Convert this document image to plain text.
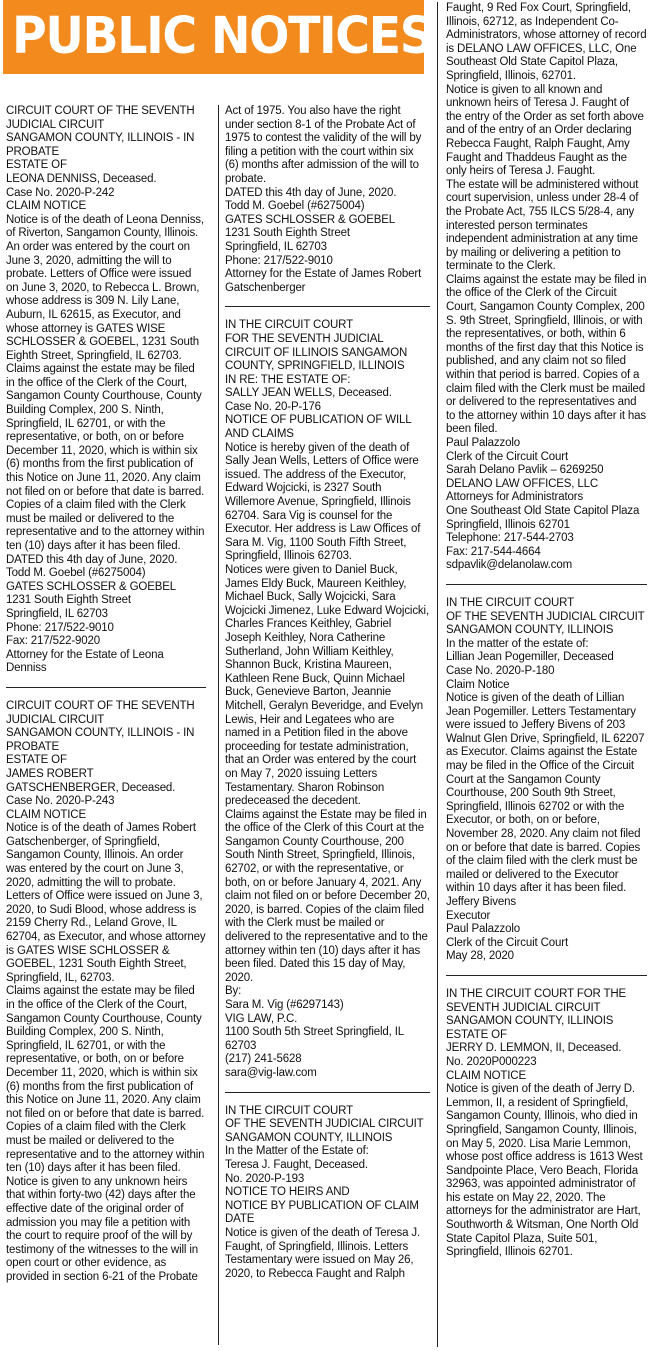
PUBLIC NOTICES

CIRCUIT COURT OF THE SEVENTH JUDICIAL CIRCUIT
SANGAMON COUNTY, ILLINOIS - IN PROBATE
ESTATE OF
LEONA DENNISS, Deceased.
Case No. 2020-P-242
CLAIM NOTICE
Notice is of the death of Leona Denniss, of Riverton, Sangamon County, Illinois. An order was entered by the court on June 3, 2020, admitting the will to probate. Letters of Office were issued on June 3, 2020, to Rebecca L. Brown, whose address is 309 N. Lily Lane, Auburn, IL 62615, as Executor, and whose attorney is GATES WISE SCHLOSSER & GOEBEL, 1231 South Eighth Street, Springfield, IL 62703.
Claims against the estate may be filed in the office of the Clerk of the Court, Sangamon County Courthouse, County Building Complex, 200 S. Ninth, Springfield, IL 62701, or with the representative, or both, on or before December 11, 2020, which is within six (6) months from the first publication of this Notice on June 11, 2020. Any claim not filed on or before that date is barred. Copies of a claim filed with the Clerk must be mailed or delivered to the representative and to the attorney within ten (10) days after it has been filed.
DATED this 4th day of June, 2020.
Todd M. Goebel (#6275004)
GATES SCHLOSSER & GOEBEL
1231 South Eighth Street
Springfield, IL 62703
Phone: 217/522-9010
Fax: 217/522-9020
Attorney for the Estate of Leona Denniss

CIRCUIT COURT OF THE SEVENTH JUDICIAL CIRCUIT
SANGAMON COUNTY, ILLINOIS - IN PROBATE
ESTATE OF
JAMES ROBERT GATSCHENBERGER, Deceased.
Case No. 2020-P-243
CLAIM NOTICE
Notice is of the death of James Robert Gatschenberger, of Springfield, Sangamon County, Illinois. An order was entered by the court on June 3, 2020, admitting the will to probate. Letters of Office were issued on June 3, 2020, to Sudi Blood, whose address is 2159 Cherry Rd., Leland Grove, IL 62704, as Executor, and whose attorney is GATES WISE SCHLOSSER & GOEBEL, 1231 South Eighth Street, Springfield, IL, 62703.
Claims against the estate may be filed in the office of the Clerk of the Court, Sangamon County Courthouse, County Building Complex, 200 S. Ninth, Springfield, IL 62701, or with the representative, or both, on or before December 11, 2020, which is within six (6) months from the first publication of this Notice on June 11, 2020. Any claim not filed on or before that date is barred. Copies of a claim filed with the Clerk must be mailed or delivered to the representative and to the attorney within ten (10) days after it has been filed.
Notice is given to any unknown heirs that within forty-two (42) days after the effective date of the original order of admission you may file a petition with the court to require proof of the will by testimony of the witnesses to the will in open court or other evidence, as provided in section 6-21 of the Probate

Act of 1975. You also have the right under section 8-1 of the Probate Act of 1975 to contest the validity of the will by filing a petition with the court within six (6) months after admission of the will to probate.
DATED this 4th day of June, 2020.
Todd M. Goebel (#6275004)
GATES SCHLOSSER & GOEBEL
1231 South Eighth Street
Springfield, IL 62703
Phone: 217/522-9010
Attorney for the Estate of James Robert Gatschenberger

IN THE CIRCUIT COURT
FOR THE SEVENTH JUDICIAL CIRCUIT OF ILLINOIS SANGAMON COUNTY, SPRINGFIELD, ILLINOIS
IN RE: THE ESTATE OF:
SALLY JEAN WELLS, Deceased.
Case No. 20-P-176
NOTICE OF PUBLICATION OF WILL AND CLAIMS
Notice is hereby given of the death of Sally Jean Wells, Letters of Office were issued. The address of the Executor, Edward Wojcicki, is 2327 South Willemore Avenue, Springfield, Illinois 62704. Sara Vig is counsel for the Executor. Her address is Law Offices of Sara M. Vig, 1100 South Fifth Street, Springfield, Illinois 62703.
Notices were given to Daniel Buck, James Eldy Buck, Maureen Keithley, Michael Buck, Sally Wojcicki, Sara Wojcicki Jimenez, Luke Edward Wojcicki, Charles Frances Keithley, Gabriel Joseph Keithley, Nora Catherine Sutherland, John William Keithley, Shannon Buck, Kristina Maureen, Kathleen Rene Buck, Quinn Michael Buck, Genevieve Barton, Jeannie Mitchell, Geralyn Beveridge, and Evelyn Lewis, Heir and Legatees who are named in a Petition filed in the above proceeding for testate administration, that an Order was entered by the court on May 7, 2020 issuing Letters Testamentary. Sharon Robinson predeceased the decedent.
Claims against the Estate may be filed in the office of the Clerk of this Court at the Sangamon County Courthouse, 200 South Ninth Street, Springfield, Illinois, 62702, or with the representative, or both, on or before January 4, 2021. Any claim not filed on or before December 20, 2020, is barred. Copies of the claim filed with the Clerk must be mailed or delivered to the representative and to the attorney within ten (10) days after it has been filed. Dated this 15 day of May, 2020.
By:
Sara M. Vig (#6297143)
VIG LAW, P.C.
1100 South 5th Street Springfield, IL 62703
(217) 241-5628
sara@vig-law.com

IN THE CIRCUIT COURT
OF THE SEVENTH JUDICIAL CIRCUIT
SANGAMON COUNTY, ILLINOIS
In the Matter of the Estate of:
Teresa J. Faught, Deceased.
No. 2020-P-193
NOTICE TO HEIRS AND
NOTICE BY PUBLICATION OF CLAIM DATE
Notice is given of the death of Teresa J. Faught, of Springfield, Illinois. Letters Testamentary were issued on May 26, 2020, to Rebecca Faught and Ralph

Faught, 9 Red Fox Court, Springfield, Illinois, 62712, as Independent Co-Administrators, whose attorney of record is DELANO LAW OFFICES, LLC, One Southeast Old State Capitol Plaza, Springfield, Illinois, 62701.
Notice is given to all known and unknown heirs of Teresa J. Faught of the entry of the Order as set forth above and of the entry of an Order declaring Rebecca Faught, Ralph Faught, Amy Faught and Thaddeus Faught as the only heirs of Teresa J. Faught.
The estate will be administered without court supervision, unless under 28-4 of the Probate Act, 755 ILCS 5/28-4, any interested person terminates independent administration at any time by mailing or delivering a petition to terminate to the Clerk.
Claims against the estate may be filed in the office of the Clerk of the Circuit Court, Sangamon County Complex, 200 S. 9th Street, Springfield, Illinois, or with the representatives, or both, within 6 months of the first day that this Notice is published, and any claim not so filed within that period is barred. Copies of a claim filed with the Clerk must be mailed or delivered to the representatives and to the attorney within 10 days after it has been filed.
Paul Palazzolo
Clerk of the Circuit Court
Sarah Delano Pavlik – 6269250
DELANO LAW OFFICES, LLC
Attorneys for Administrators
One Southeast Old State Capitol Plaza
Springfield, Illinois 62701
Telephone: 217-544-2703
Fax: 217-544-4664
sdpavlik@delanolaw.com

IN THE CIRCUIT COURT
OF THE SEVENTH JUDICIAL CIRCUIT
SANGAMON COUNTY, ILLINOIS
In the matter of the estate of:
Lillian Jean Pogemiller, Deceased
Case No. 2020-P-180
Claim Notice
Notice is given of the death of Lillian Jean Pogemiller. Letters Testamentary were issued to Jeffery Bivens of 203 Walnut Glen Drive, Springfield, IL 62207 as Executor. Claims against the Estate may be filed in the Office of the Circuit Court at the Sangamon County Courthouse, 200 South 9th Street, Springfield, Illinois 62702 or with the Executor, or both, on or before, November 28, 2020. Any claim not filed on or before that date is barred. Copies of the claim filed with the clerk must be mailed or delivered to the Executor within 10 days after it has been filed.
Jeffery Bivens
Executor
Paul Palazzolo
Clerk of the Circuit Court
May 28, 2020

IN THE CIRCUIT COURT FOR THE SEVENTH JUDICIAL CIRCUIT
SANGAMON COUNTY, ILLINOIS
ESTATE OF
JERRY D. LEMMON, II, Deceased.
No. 2020P000223
CLAIM NOTICE
Notice is given of the death of Jerry D. Lemmon, II, a resident of Springfield, Sangamon County, Illinois, who died in Springfield, Sangamon County, Illinois, on May 5, 2020. Lisa Marie Lemmon, whose post office address is 1613 West Sandpointe Place, Vero Beach, Florida 32963, was appointed administrator of his estate on May 22, 2020. The attorneys for the administrator are Hart, Southworth & Witsman, One North Old State Capitol Plaza, Suite 501, Springfield, Illinois 62701.
